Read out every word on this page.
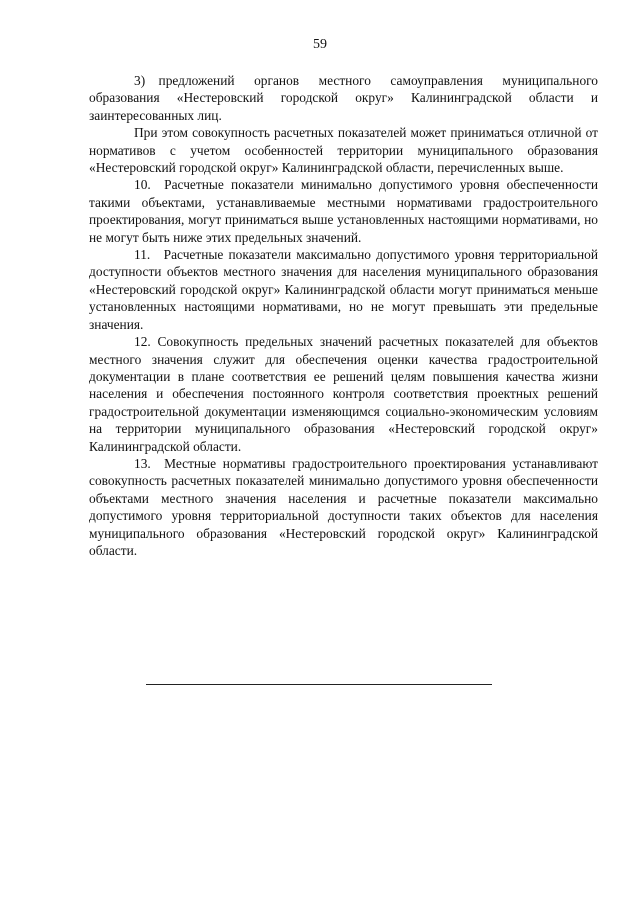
59

3) предложений органов местного самоуправления муниципального образования «Нестеровский городской округ» Калининградской области и заинтересованных лиц.

При этом совокупность расчетных показателей может приниматься отличной от нормативов с учетом особенностей территории муниципального образования «Нестеровский городской округ» Калининградской области, перечисленных выше.

10. Расчетные показатели минимально допустимого уровня обеспеченности такими объектами, устанавливаемые местными нормативами градостроительного проектирования, могут приниматься выше установленных настоящими нормативами, но не могут быть ниже этих предельных значений.

11. Расчетные показатели максимально допустимого уровня территориальной доступности объектов местного значения для населения муниципального образования «Нестеровский городской округ» Калининградской области могут приниматься меньше установленных настоящими нормативами, но не могут превышать эти предельные значения.

12. Совокупность предельных значений расчетных показателей для объектов местного значения служит для обеспечения оценки качества градостроительной документации в плане соответствия ее решений целям повышения качества жизни населения и обеспечения постоянного контроля соответствия проектных решений градостроительной документации изменяющимся социально-экономическим условиям на территории муниципального образования «Нестеровский городской округ» Калининградской области.

13. Местные нормативы градостроительного проектирования устанавливают совокупность расчетных показателей минимально допустимого уровня обеспеченности объектами местного значения населения и расчетные показатели максимально допустимого уровня территориальной доступности таких объектов для населения муниципального образования «Нестеровский городской округ» Калининградской области.
